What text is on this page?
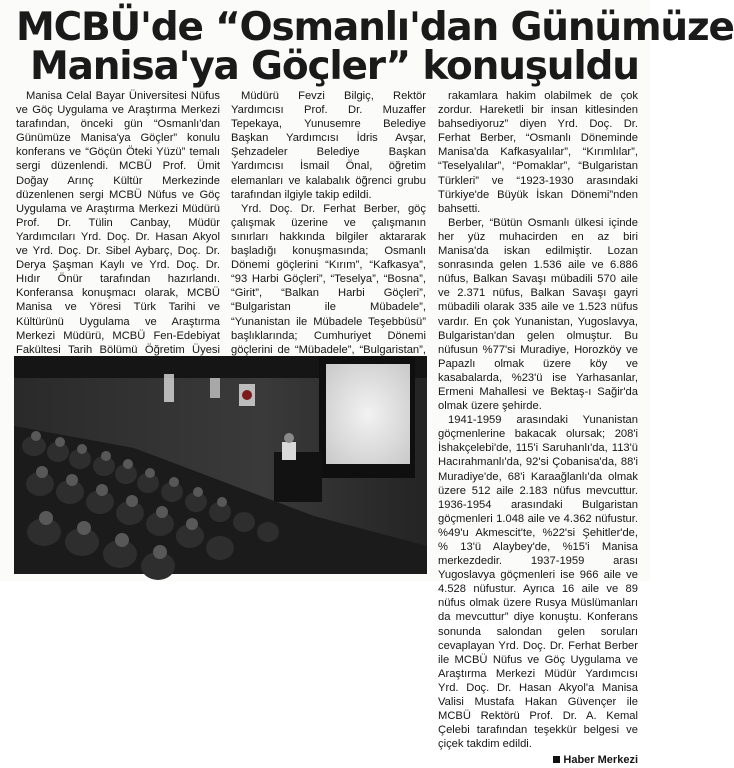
MCBÜ'de “Osmanlı'dan Günümüze
Manisa'ya Göçler” konuşuldu

Manisa Celal Bayar Üniversitesi Nüfus ve Göç Uygulama ve Araştırma Merkezi tarafından, önceki gün “Osmanlı'dan Günümüze Manisa'ya Göçler” konulu konferans ve “Göçün Öteki Yüzü” temalı sergi düzenlendi. MCBÜ Prof. Ümit Doğay Arınç Kültür Merkezinde düzenlenen sergi MCBÜ Nüfus ve Göç Uygulama ve Araştırma Merkezi Müdürü Prof. Dr. Tülin Canbay, Müdür Yardımcıları Yrd. Doç. Dr. Hasan Akyol ve Yrd. Doç. Dr. Sibel Aybarç, Doç. Dr. Derya Şaşman Kaylı ve Yrd. Doç. Dr. Hıdır Önür tarafından hazırlandı. Konferansa konuşmacı olarak, MCBÜ Manisa ve Yöresi Türk Tarihi ve Kültürünü Uygulama ve Araştırma Merkezi Müdürü, MCBÜ Fen-Edebiyat Fakültesi Tarih Bölümü Öğretim Üyesi

Müdürü Fevzi Bilgiç, Rektör Yardımcısı Prof. Dr. Muzaffer Tepekaya, Yunusemre Belediye Başkan Yardımcısı İdris Avşar, Şehzadeler Belediye Başkan Yardımcısı İsmail Önal, öğretim elemanları ve kalabalık öğrenci grubu tarafından ilgiyle takip edildi.

Yrd. Doç. Dr. Ferhat Berber, göç çalışmak üzerine ve çalışmanın sınırları hakkında bilgiler aktararak başladığı konuşmasında; Osmanlı Dönemi göçlerini “Kırım”, “Kafkasya”, “93 Harbi Göçleri”, “Teselya”, “Bosna”, “Girit”, “Balkan Harbi Göçleri”, “Bulgaristan ile Mübadele”, “Yunanistan ile Mübadele Teşebbüsü” başlıklarında; Cumhuriyet Dönemi göçlerini de “Mübadele”, “Bulgaristan”,

rakamlara hakim olabilmek de çok zordur. Hareketli bir insan kitlesinden bahsediyoruz” diyen Yrd. Doç. Dr. Ferhat Berber, “Osmanlı Döneminde Manisa'da Kafkasyalılar”, “Kırımlılar”, “Teselyalılar”, “Pomaklar”, “Bulgaristan Türkleri” ve “1923-1930 arasındaki Türkiye'de Büyük İskan Dönemi”nden bahsetti.

Berber, “Bütün Osmanlı ülkesi içinde her yüz muhacirden en az biri Manisa'da iskan edilmiştir. Lozan sonrasında gelen 1.536 aile ve 6.886 nüfus, Balkan Savaşı mübadili 570 aile ve 2.371 nüfus, Balkan Savaşı gayri mübadili olarak 335 aile ve 1.523 nüfus vardır. En çok Yunanistan, Yugoslavya, Bulgaristan'dan gelen olmuştur. Bu nüfusun %77'si Muradiye, Horozköy ve Papazlı olmak üzere köy ve kasabalarda, %23'ü ise Yarhasanlar, Ermeni Mahallesi ve Bektaş-ı Sağir'da olmak üzere şehirde.

1941-1959 arasındaki Yunanistan göçmenlerine bakacak olursak; 208'i İshakçelebi'de, 115'i Saruhanlı'da, 113'ü Hacırahmanlı'da, 92'si Çobanisa'da, 88'i Muradiye'de, 68'i Karaağlanlı'da olmak üzere 512 aile 2.183 nüfus mevcuttur. 1936-1954 arasındaki Bulgaristan göçmenleri 1.048 aile ve 4.362 nüfustur. %49'u Akmescit'te, %22'si Şehitler'de, % 13'ü Alaybey'de, %15'i Manisa merkezdedir. 1937-1959 arası Yugoslavya göçmenleri ise 966 aile ve 4.528 nüfustur. Ayrıca 16 aile ve 89 nüfus olmak üzere Rusya Müslümanları da mevcuttur” diye konuştu. Konferans sonunda salondan gelen soruları cevaplayan Yrd. Doç. Dr. Ferhat Berber ile MCBÜ Nüfus ve Göç Uygulama ve Araştırma Merkezi Müdür Yardımcısı Yrd. Doç. Dr. Hasan Akyol'a Manisa Valisi Mustafa Hakan Güvençer ile MCBÜ Rektörü Prof. Dr. A. Kemal Çelebi tarafından teşekkür belgesi ve çiçek takdim edildi.

Haber Merkezi
